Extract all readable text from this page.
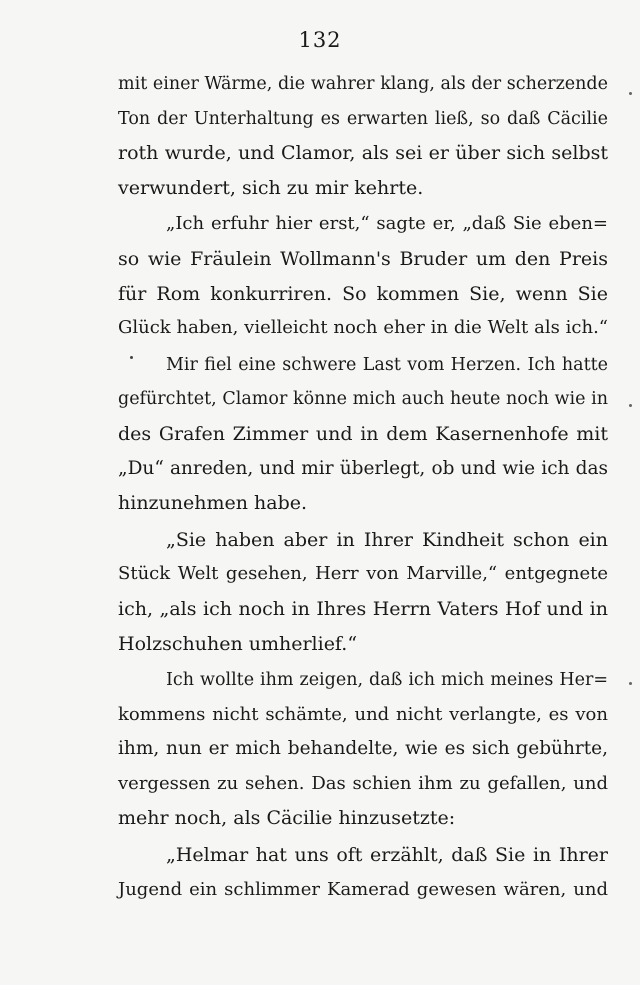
132
mit einer Wärme, die wahrer klang, als der scherzende
Ton der Unterhaltung es erwarten ließ, so daß Cäcilie
roth wurde, und Clamor, als sei er über sich selbst
verwundert, sich zu mir kehrte.
„Ich erfuhr hier erst,“ sagte er, „daß Sie eben=
so wie Fräulein Wollmann's Bruder um den Preis
für Rom konkurriren. So kommen Sie, wenn Sie
Glück haben, vielleicht noch eher in die Welt als ich.“
Mir fiel eine schwere Last vom Herzen. Ich hatte
gefürchtet, Clamor könne mich auch heute noch wie in
des Grafen Zimmer und in dem Kasernenhofe mit
„Du“ anreden, und mir überlegt, ob und wie ich das
hinzunehmen habe.
„Sie haben aber in Ihrer Kindheit schon ein
Stück Welt gesehen, Herr von Marville,“ entgegnete
ich, „als ich noch in Ihres Herrn Vaters Hof und in
Holzschuhen umherlief.“
Ich wollte ihm zeigen, daß ich mich meines Her=
kommens nicht schämte, und nicht verlangte, es von
ihm, nun er mich behandelte, wie es sich gebührte,
vergessen zu sehen. Das schien ihm zu gefallen, und
mehr noch, als Cäcilie hinzusetzte:
„Helmar hat uns oft erzählt, daß Sie in Ihrer
Jugend ein schlimmer Kamerad gewesen wären, und
